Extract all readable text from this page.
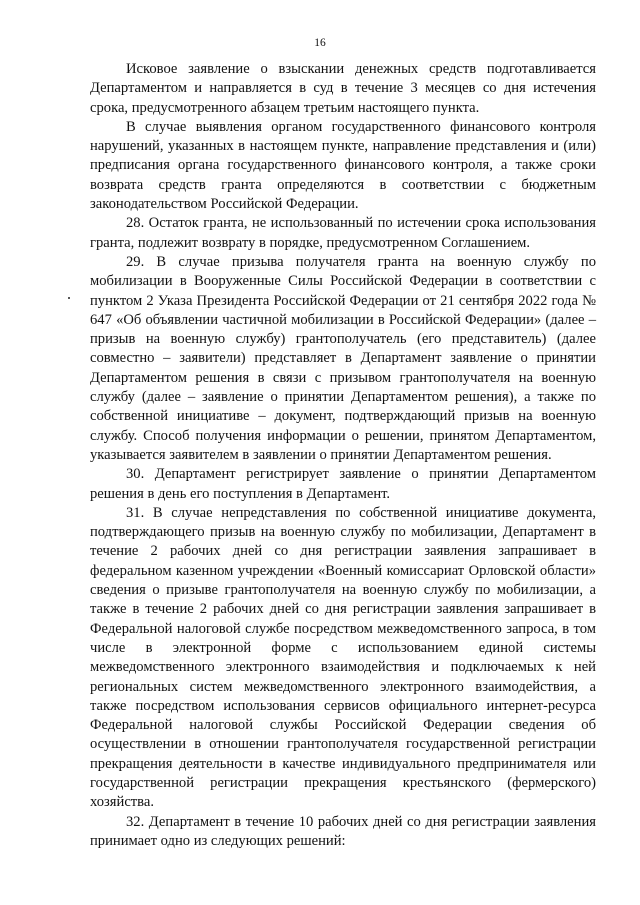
16

Исковое заявление о взыскании денежных средств подготавливается Департаментом и направляется в суд в течение 3 месяцев со дня истечения срока, предусмотренного абзацем третьим настоящего пункта.

В случае выявления органом государственного финансового контроля нарушений, указанных в настоящем пункте, направление представления и (или) предписания органа государственного финансового контроля, а также сроки возврата средств гранта определяются в соответствии с бюджетным законодательством Российской Федерации.

28. Остаток гранта, не использованный по истечении срока использования гранта, подлежит возврату в порядке, предусмотренном Соглашением.

29. В случае призыва получателя гранта на военную службу по мобилизации в Вооруженные Силы Российской Федерации в соответствии с пунктом 2 Указа Президента Российской Федерации от 21 сентября 2022 года № 647 «Об объявлении частичной мобилизации в Российской Федерации» (далее – призыв на военную службу) грантополучатель (его представитель) (далее совместно – заявители) представляет в Департамент заявление о принятии Департаментом решения в связи с призывом грантополучателя на военную службу (далее – заявление о принятии Департаментом решения), а также по собственной инициативе – документ, подтверждающий призыв на военную службу. Способ получения информации о решении, принятом Департаментом, указывается заявителем в заявлении о принятии Департаментом решения.

30. Департамент регистрирует заявление о принятии Департаментом решения в день его поступления в Департамент.

31. В случае непредставления по собственной инициативе документа, подтверждающего призыв на военную службу по мобилизации, Департамент в течение 2 рабочих дней со дня регистрации заявления запрашивает в федеральном казенном учреждении «Военный комиссариат Орловской области» сведения о призыве грантополучателя на военную службу по мобилизации, а также в течение 2 рабочих дней со дня регистрации заявления запрашивает в Федеральной налоговой службе посредством межведомственного запроса, в том числе в электронной форме с использованием единой системы межведомственного электронного взаимодействия и подключаемых к ней региональных систем межведомственного электронного взаимодействия, а также посредством использования сервисов официального интернет-ресурса Федеральной налоговой службы Российской Федерации сведения об осуществлении в отношении грантополучателя государственной регистрации прекращения деятельности в качестве индивидуального предпринимателя или государственной регистрации прекращения крестьянского (фермерского) хозяйства.

32. Департамент в течение 10 рабочих дней со дня регистрации заявления принимает одно из следующих решений:
